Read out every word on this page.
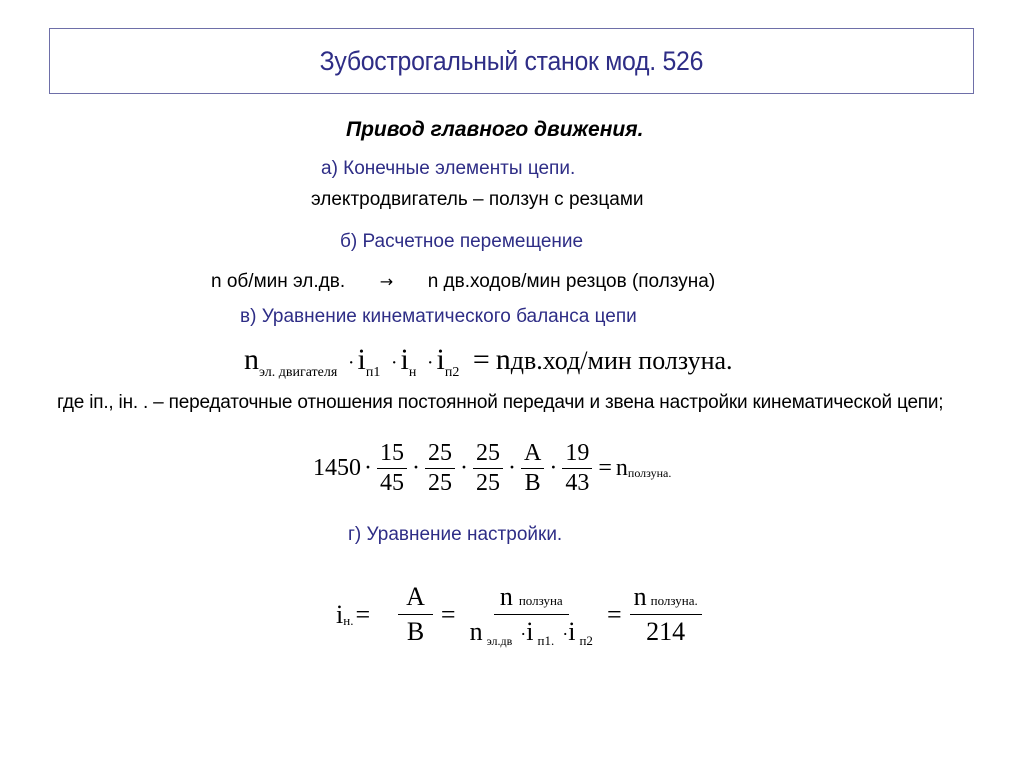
Зубострогальный станок мод. 526
Привод главного движения.
а) Конечные элементы цепи.
электродвигатель – ползун с резцами
б) Расчетное перемещение
n об/мин эл.дв. → n дв.ходов/мин резцов (ползуна)
в) Уравнение кинематического баланса цепи
$n_{эл. двигателя} \cdot i_{п1} \cdot i_н \cdot i_{п2} = nдв.ход/мин$ ползуна.
где iп., iн. . – передаточные отношения постоянной передачи и звена настройки кинематической цепи;
$1450 \cdot \frac{15}{45} \cdot \frac{25}{25} \cdot \frac{25}{25} \cdot \frac{A}{B} \cdot \frac{19}{43} = n$ ползуна.
г) Уравнение настройки.
i н. = $\frac{A}{B} = \frac{\text{n ползуна}}{\text{n эл.дв ·i п1. ·i п2}} = \frac{\text{n ползуна.}}{214}$
